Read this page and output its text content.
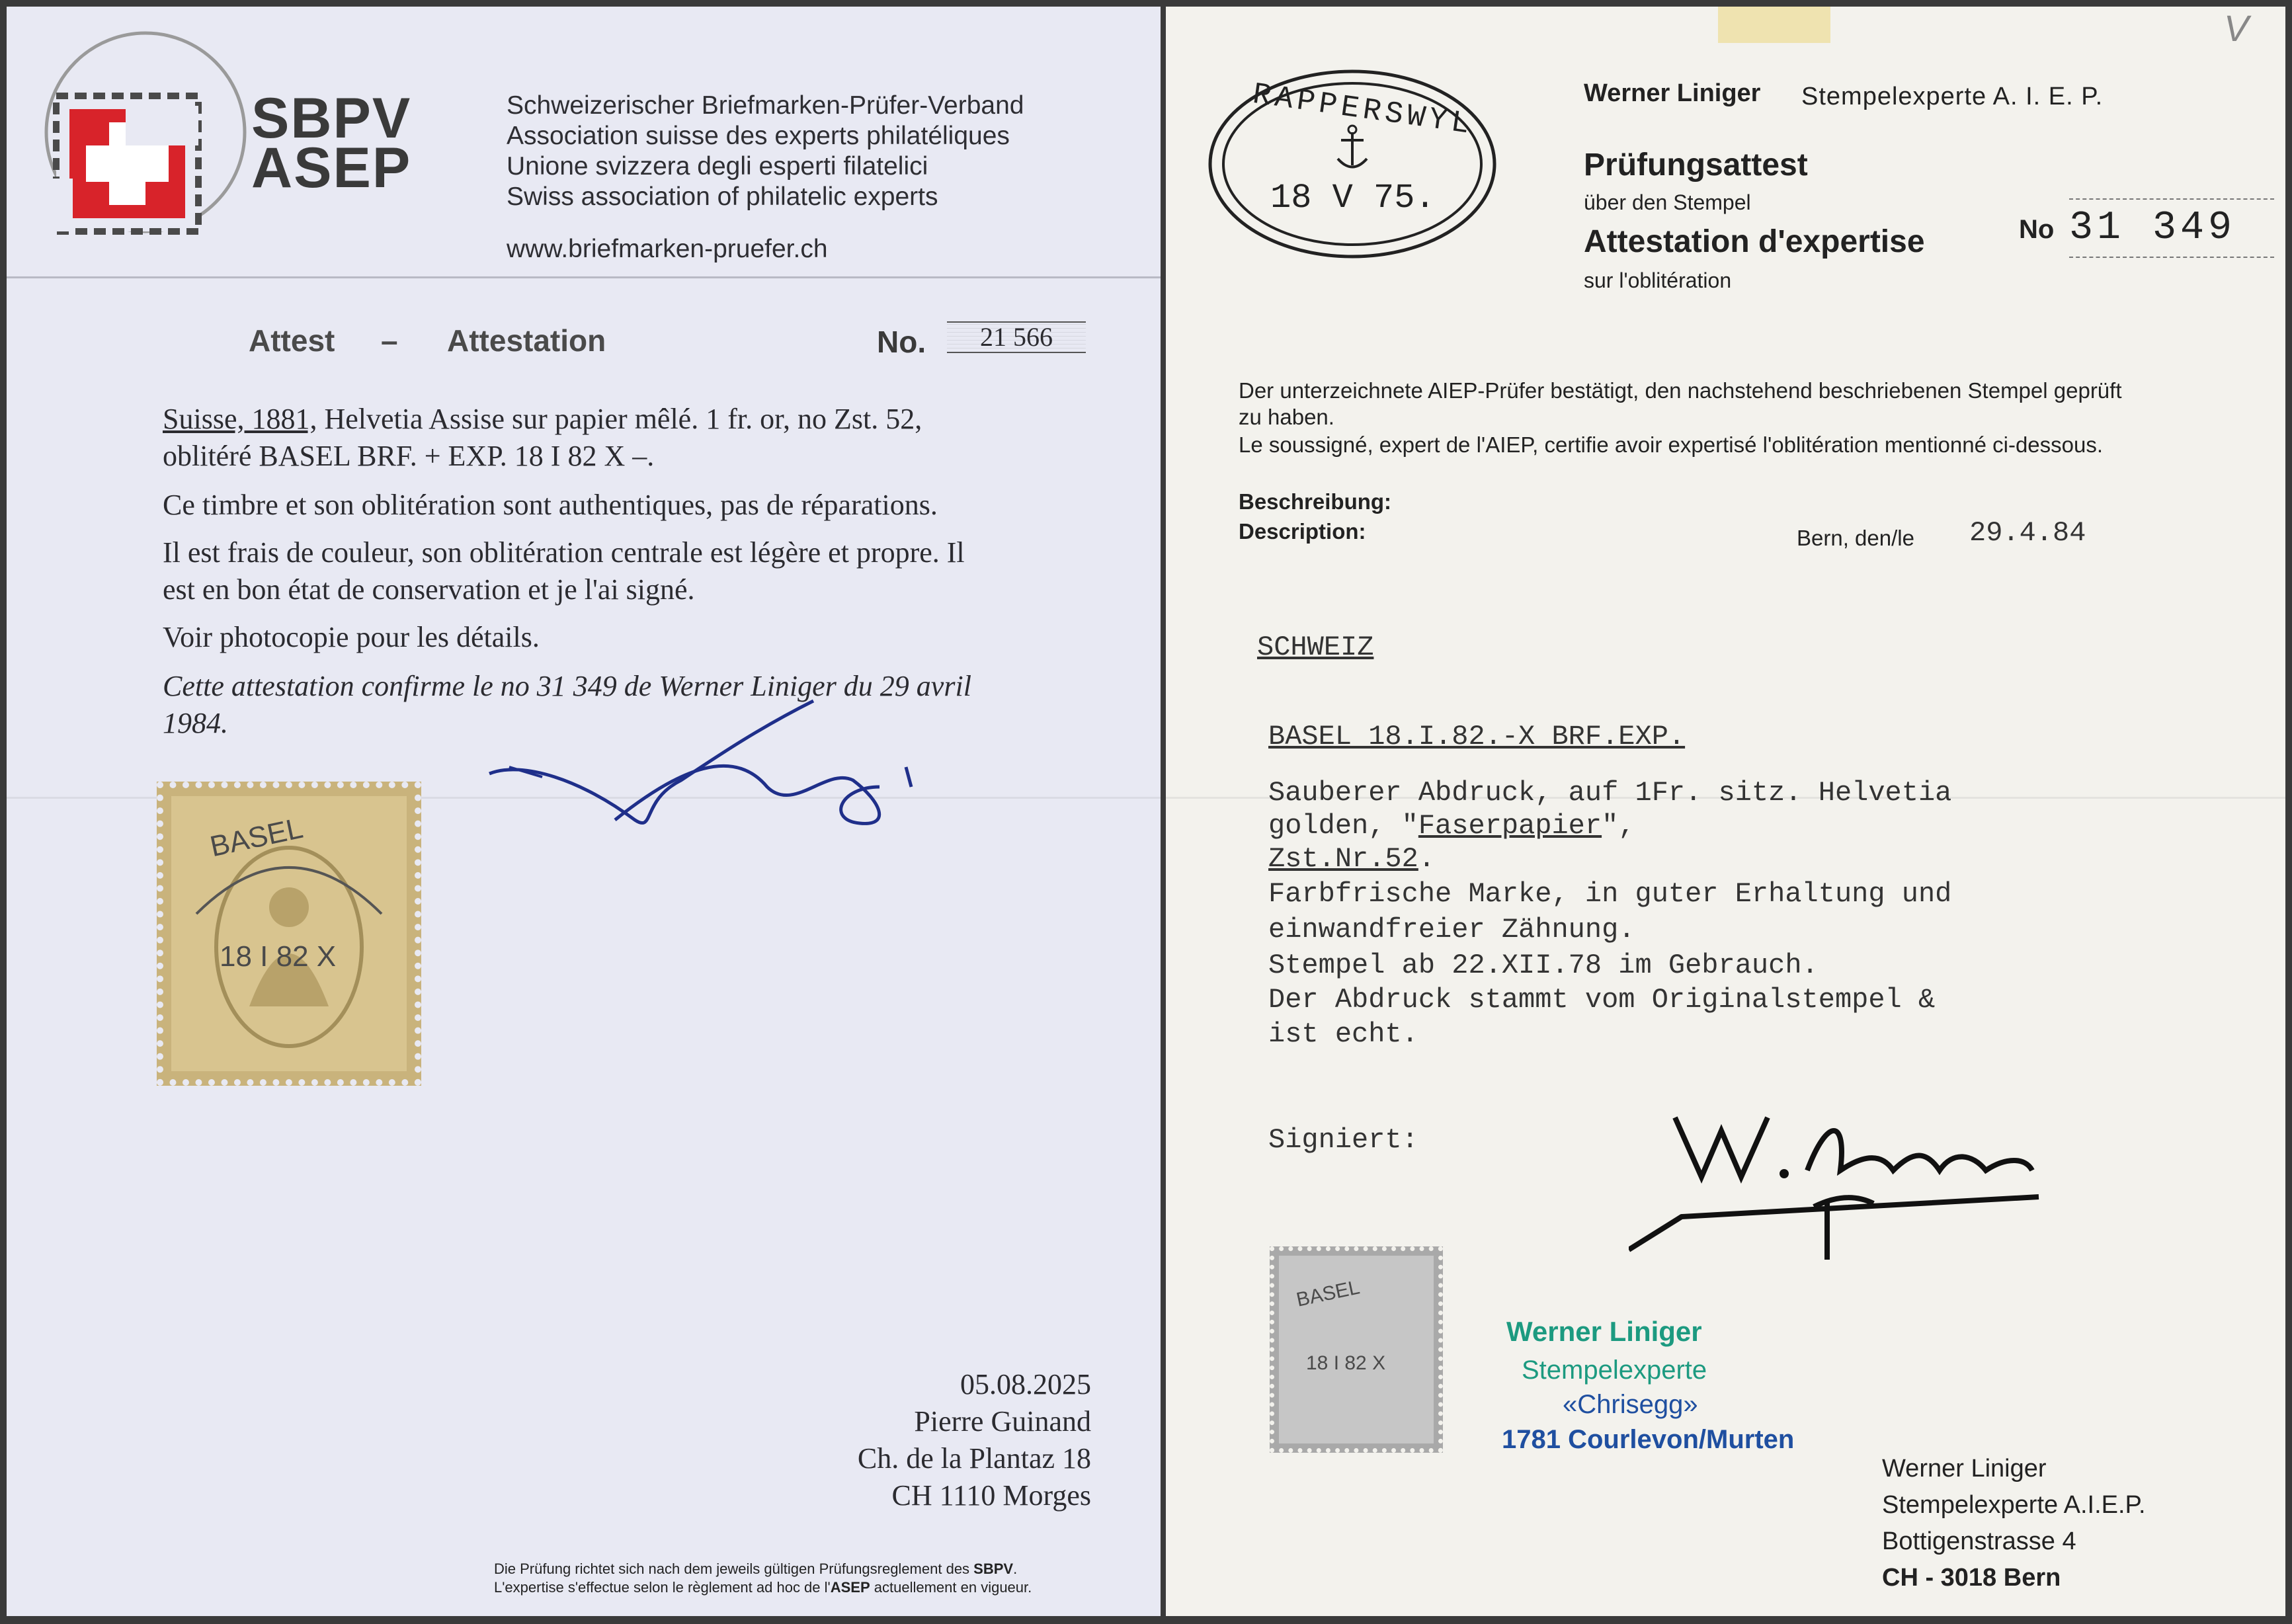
SBPV
ASEP
Schweizerischer Briefmarken-Prüfer-Verband
Association suisse des experts philatéliques
Unione svizzera degli esperti filatelici
Swiss association of philatelic experts
www.briefmarken-pruefer.ch
Attest – Attestation	No.	21 566
Suisse, 1881, Helvetia Assise sur papier mêlé. 1 fr. or, no Zst. 52,
oblitéré BASEL BRF. + EXP. 18 I 82 X –.
Ce timbre et son oblitération sont authentiques, pas de réparations.
Il est frais de couleur, son oblitération centrale est légère et propre. Il
est en bon état de conservation et je l'ai signé.
Voir photocopie pour les détails.
Cette attestation confirme le no 31 349 de Werner Liniger du 29 avril
1984.
BASEL
18 I 82 X
05.08.2025
Pierre Guinand
Ch. de la Plantaz 18
CH 1110 Morges
Die Prüfung richtet sich nach dem jeweils gültigen Prüfungsreglement des SBPV.
L'expertise s'effectue selon le règlement ad hoc de l'ASEP actuellement en vigueur.
V
RAPPERSWYL
18 V 75.
Werner Liniger Stempelexperte A. I. E. P.
Prüfungsattest
über den Stempel
Attestation d'expertise
sur l'oblitération
No 31 349
Der unterzeichnete AIEP-Prüfer bestätigt, den nachstehend beschriebenen Stempel geprüft
zu haben.
Le soussigné, expert de l'AIEP, certifie avoir expertisé l'oblitération mentionné ci-dessous.
Beschreibung:
Description:	Bern, den/le 29.4.84
SCHWEIZ
BASEL 18.I.82.-X BRF.EXP.
Sauberer Abdruck, auf 1Fr. sitz. Helvetia
golden, "Faserpapier",
Zst.Nr.52.
Farbfrische Marke, in guter Erhaltung und
einwandfreier Zähnung.
Stempel ab 22.XII.78 im Gebrauch.
Der Abdruck stammt vom Originalstempel &
ist echt.
Signiert:
BASEL
18 I 82 X
Werner Liniger
Stempelexperte
«Chrisegg»
1781 Courlevon/Murten
Werner Liniger
Stempelexperte A.I.E.P.
Bottigenstrasse 4
CH - 3018 Bern
